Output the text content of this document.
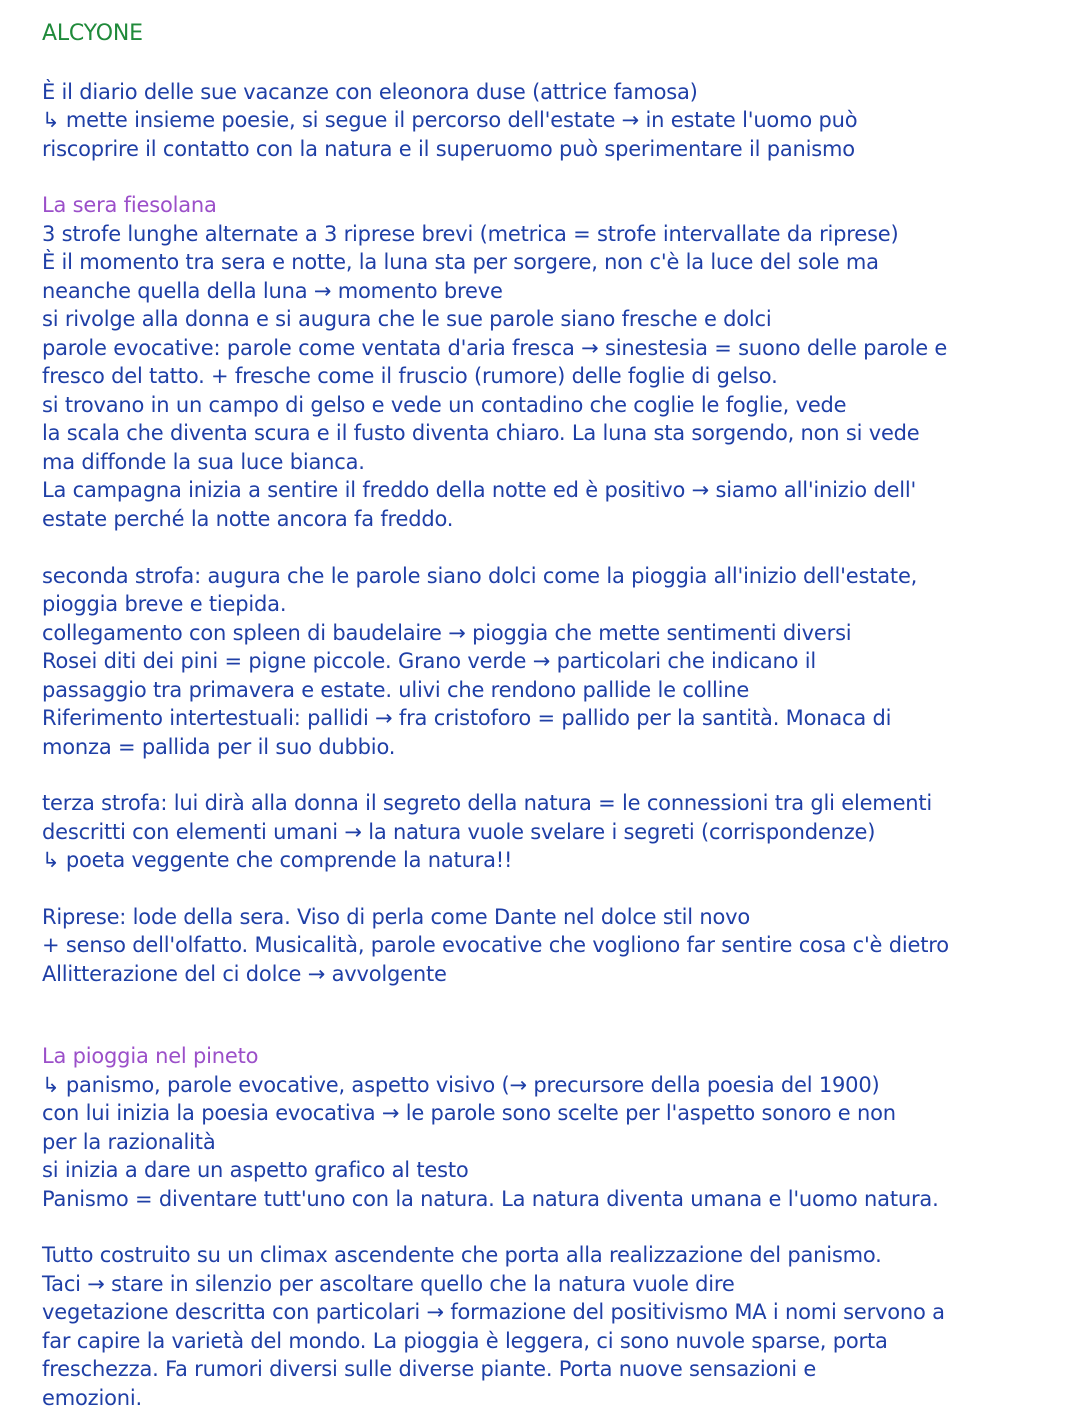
ALCYONE
È il diario delle sue vacanze con eleonora duse (attrice famosa)
↳ mette insieme poesie, si segue il percorso dell'estate → in estate l'uomo può
riscoprire il contatto con la natura e il superuomo può sperimentare il panismo
La sera fiesolana
3 strofe lunghe alternate a 3 riprese brevi (metrica = strofe intervallate da riprese)
È il momento tra sera e notte, la luna sta per sorgere, non c'è la luce del sole ma
neanche quella della luna → momento breve
si rivolge alla donna e si augura che le sue parole siano fresche e dolci
parole evocative: parole come ventata d'aria fresca → sinestesia = suono delle parole e
fresco del tatto. + fresche come il fruscio (rumore) delle foglie di gelso.
si trovano in un campo di gelso e vede un contadino che coglie le foglie, vede
la scala che diventa scura e il fusto diventa chiaro. La luna sta sorgendo, non si vede
ma diffonde la sua luce bianca.
La campagna inizia a sentire il freddo della notte ed è positivo → siamo all'inizio dell'
estate perché la notte ancora fa freddo.
seconda strofa: augura che le parole siano dolci come la pioggia all'inizio dell'estate,
pioggia breve e tiepida.
collegamento con spleen di baudelaire → pioggia che mette sentimenti diversi
Rosei diti dei pini = pigne piccole. Grano verde → particolari che indicano il
passaggio tra primavera e estate. ulivi che rendono pallide le colline
Riferimento intertestuali: pallidi → fra cristoforo = pallido per la santità. Monaca di
monza = pallida per il suo dubbio.
terza strofa: lui dirà alla donna il segreto della natura = le connessioni tra gli elementi
descritti con elementi umani → la natura vuole svelare i segreti (corrispondenze)
↳ poeta veggente che comprende la natura!!
Riprese: lode della sera. Viso di perla come Dante nel dolce stil novo
+ senso dell'olfatto. Musicalità, parole evocative che vogliono far sentire cosa c'è dietro
Allitterazione del ci dolce → avvolgente
La pioggia nel pineto
↳ panismo, parole evocative, aspetto visivo (→ precursore della poesia del 1900)
con lui inizia la poesia evocativa → le parole sono scelte per l'aspetto sonoro e non
per la razionalità
si inizia a dare un aspetto grafico al testo
Panismo = diventare tutt'uno con la natura. La natura diventa umana e l'uomo natura.
Tutto costruito su un climax ascendente che porta alla realizzazione del panismo.
Taci → stare in silenzio per ascoltare quello che la natura vuole dire
vegetazione descritta con particolari → formazione del positivismo MA i nomi servono a
far capire la varietà del mondo. La pioggia è leggera, ci sono nuvole sparse, porta
freschezza. Fa rumori diversi sulle diverse piante. Porta nuove sensazioni e
emozioni.
